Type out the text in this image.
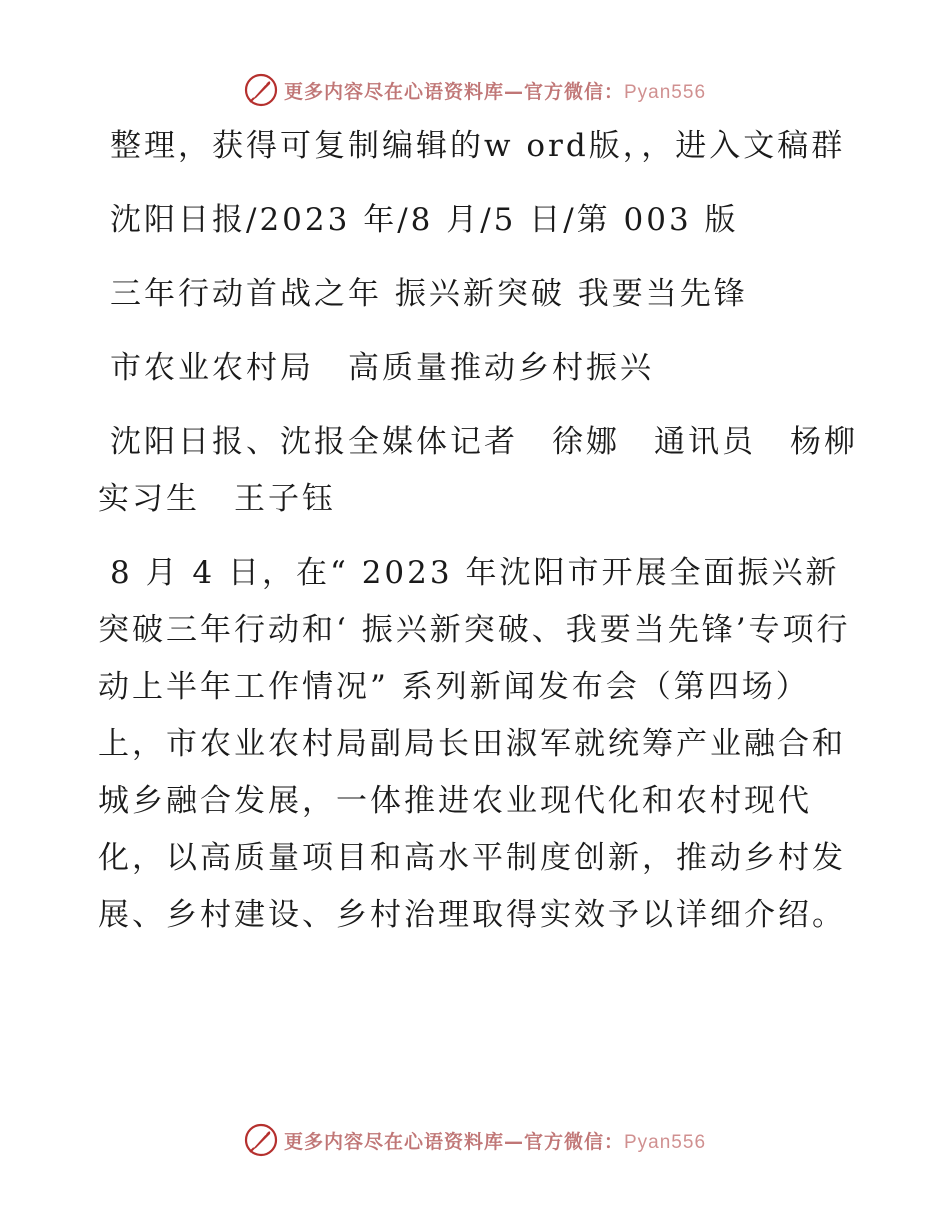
更多内容尽在心语资料库—官方微信：Pyan556

整理，获得可复制编辑的w ord版，，进入文稿群

沈阳日报/2023 年/8 月/5 日/第 003 版

三年行动首战之年 振兴新突破 我要当先锋

市农业农村局　高质量推动乡村振兴

沈阳日报、沈报全媒体记者　徐娜　通讯员　杨柳　实习生　王子钰

8 月 4 日，在“ 2023 年沈阳市开展全面振兴新突破三年行动和‘ 振兴新突破、我要当先锋’专项行动上半年工作情况” 系列新闻发布会（第四场）上，市农业农村局副局长田淑军就统筹产业融合和城乡融合发展，一体推进农业现代化和农村现代化，以高质量项目和高水平制度创新，推动乡村发展、乡村建设、乡村治理取得实效予以详细介绍。

更多内容尽在心语资料库—官方微信：Pyan556
